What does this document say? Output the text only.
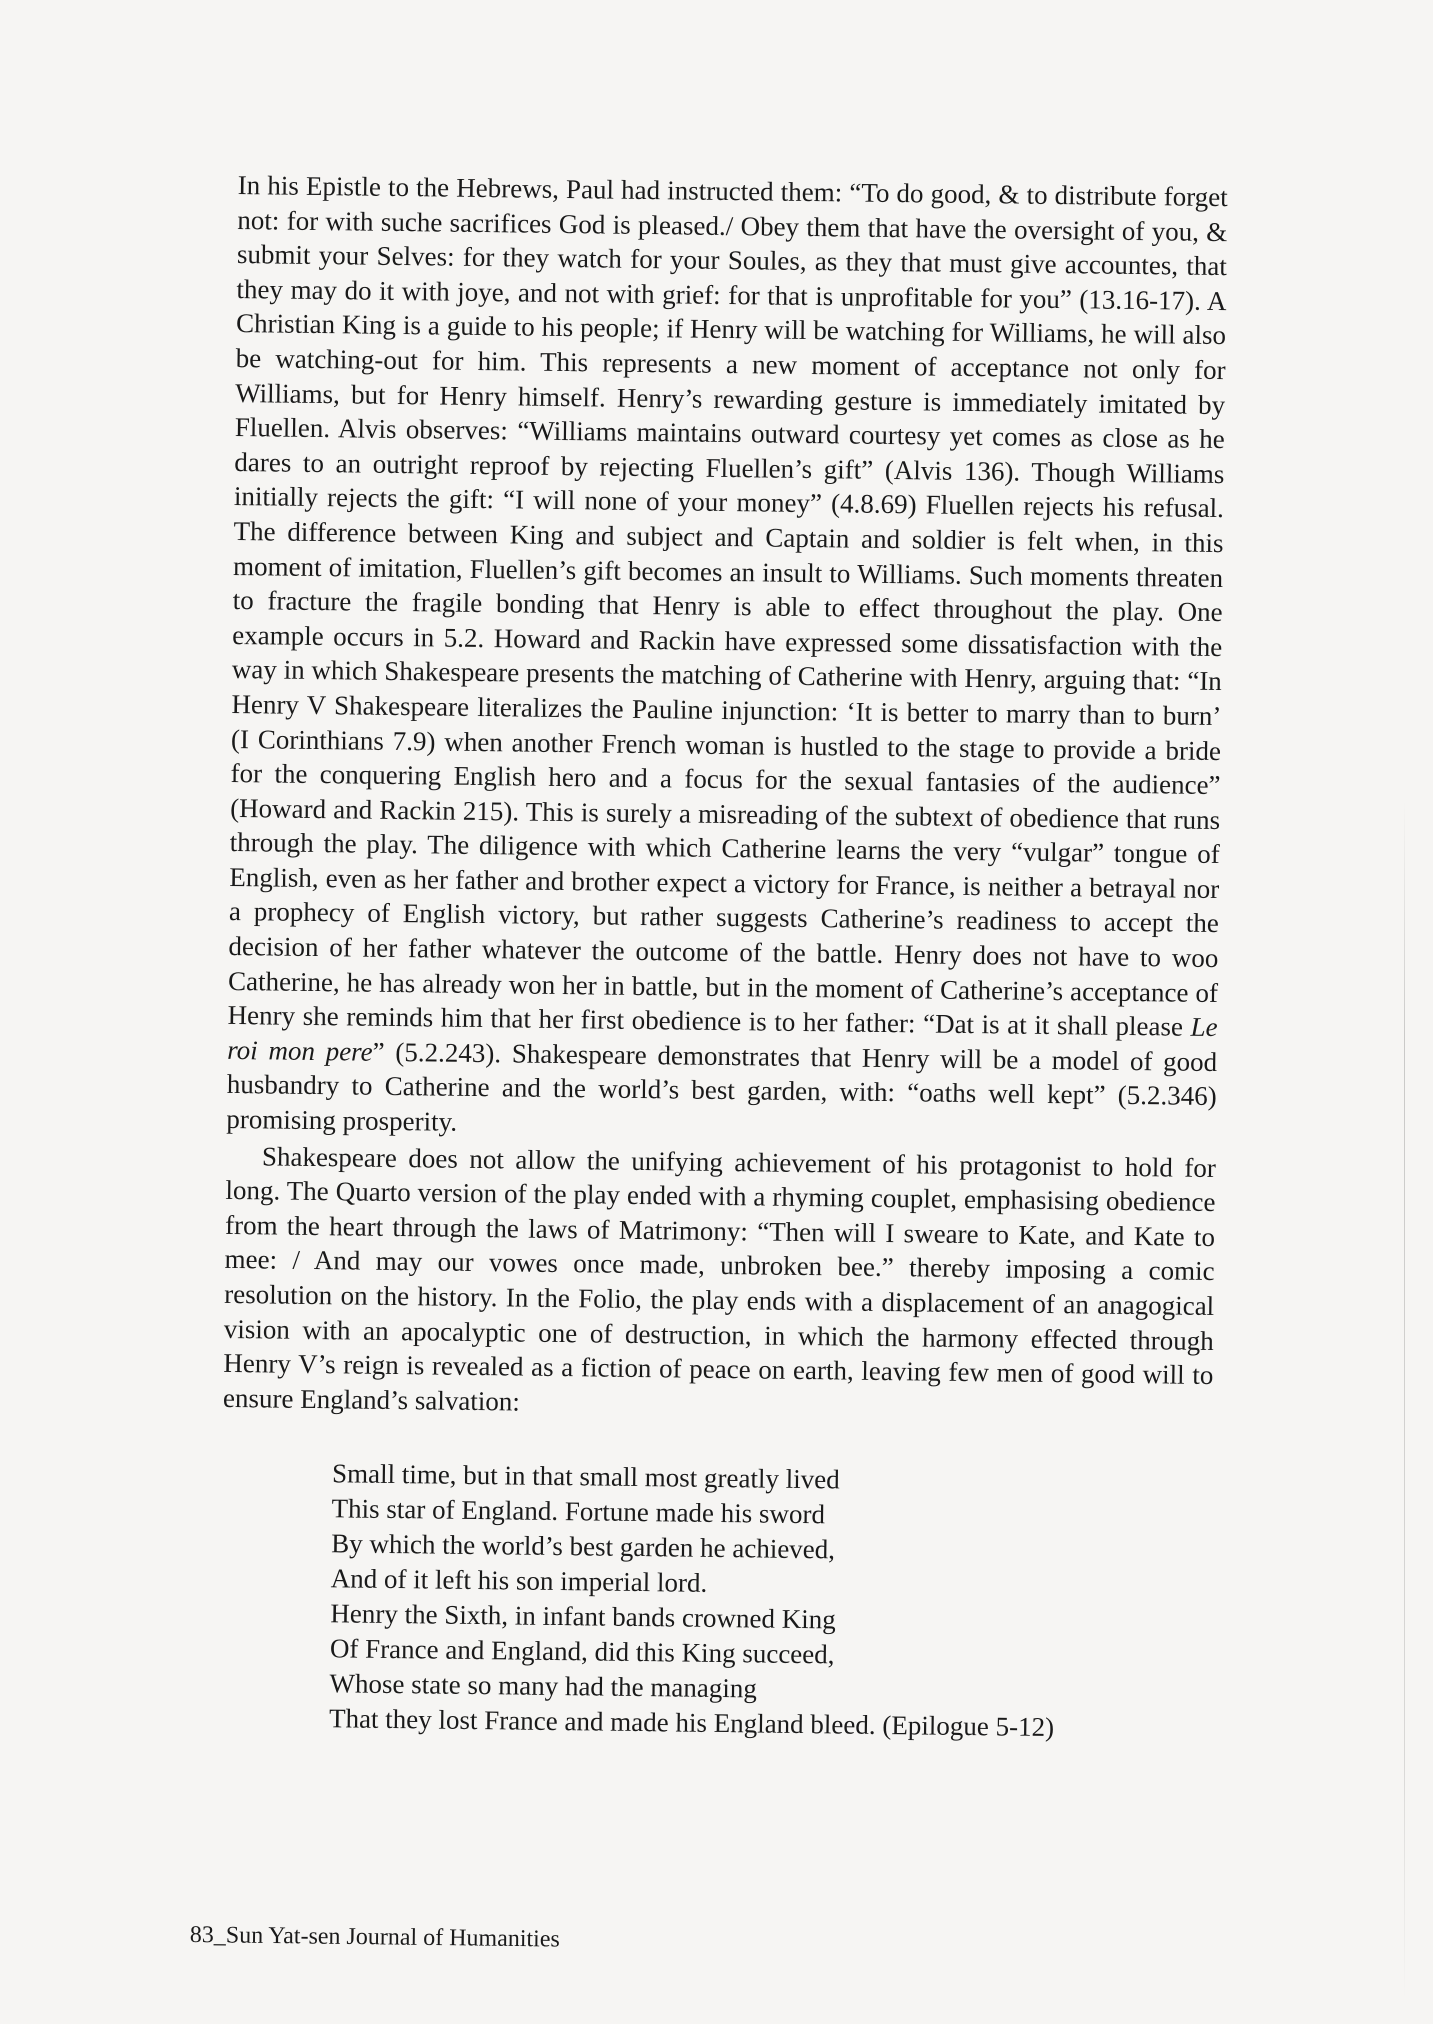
In his Epistle to the Hebrews, Paul had instructed them: “To do good, & to distribute forget not: for with suche sacrifices God is pleased./ Obey them that have the oversight of you, & submit your Selves: for they watch for your Soules, as they that must give accountes, that they may do it with joye, and not with grief: for that is unprofitable for you” (13.16-17). A Christian King is a guide to his people; if Henry will be watching for Williams, he will also be watching-out for him. This represents a new moment of acceptance not only for Williams, but for Henry himself. Henry’s rewarding gesture is immediately imitated by Fluellen. Alvis observes: “Williams maintains outward courtesy yet comes as close as he dares to an outright reproof by rejecting Fluellen’s gift” (Alvis 136). Though Williams initially rejects the gift: “I will none of your money” (4.8.69) Fluellen rejects his refusal. The difference between King and subject and Captain and soldier is felt when, in this moment of imitation, Fluellen’s gift becomes an insult to Williams. Such moments threaten to fracture the fragile bonding that Henry is able to effect throughout the play. One example occurs in 5.2. Howard and Rackin have expressed some dissatisfaction with the way in which Shakespeare presents the matching of Catherine with Henry, arguing that: “In Henry V Shakespeare literalizes the Pauline injunction: ‘It is better to marry than to burn’ (I Corinthians 7.9) when another French woman is hustled to the stage to provide a bride for the conquering English hero and a focus for the sexual fantasies of the audience” (Howard and Rackin 215). This is surely a misreading of the subtext of obedience that runs through the play. The diligence with which Catherine learns the very “vulgar” tongue of English, even as her father and brother expect a victory for France, is neither a betrayal nor a prophecy of English victory, but rather suggests Catherine’s readiness to accept the decision of her father whatever the outcome of the battle. Henry does not have to woo Catherine, he has already won her in battle, but in the moment of Catherine’s acceptance of Henry she reminds him that her first obedience is to her father: “Dat is at it shall please Le roi mon pere” (5.2.243). Shakespeare demonstrates that Henry will be a model of good husbandry to Catherine and the world’s best garden, with: “oaths well kept” (5.2.346) promising prosperity.

Shakespeare does not allow the unifying achievement of his protagonist to hold for long. The Quarto version of the play ended with a rhyming couplet, emphasising obedience from the heart through the laws of Matrimony: “Then will I sweare to Kate, and Kate to mee: / And may our vowes once made, unbroken bee.” thereby imposing a comic resolution on the history. In the Folio, the play ends with a displacement of an anagogical vision with an apocalyptic one of destruction, in which the harmony effected through Henry V’s reign is revealed as a fiction of peace on earth, leaving few men of good will to ensure England’s salvation:

Small time, but in that small most greatly lived
This star of England. Fortune made his sword
By which the world’s best garden he achieved,
And of it left his son imperial lord.
Henry the Sixth, in infant bands crowned King
Of France and England, did this King succeed,
Whose state so many had the managing
That they lost France and made his England bleed. (Epilogue 5-12)
83_Sun Yat-sen Journal of Humanities
